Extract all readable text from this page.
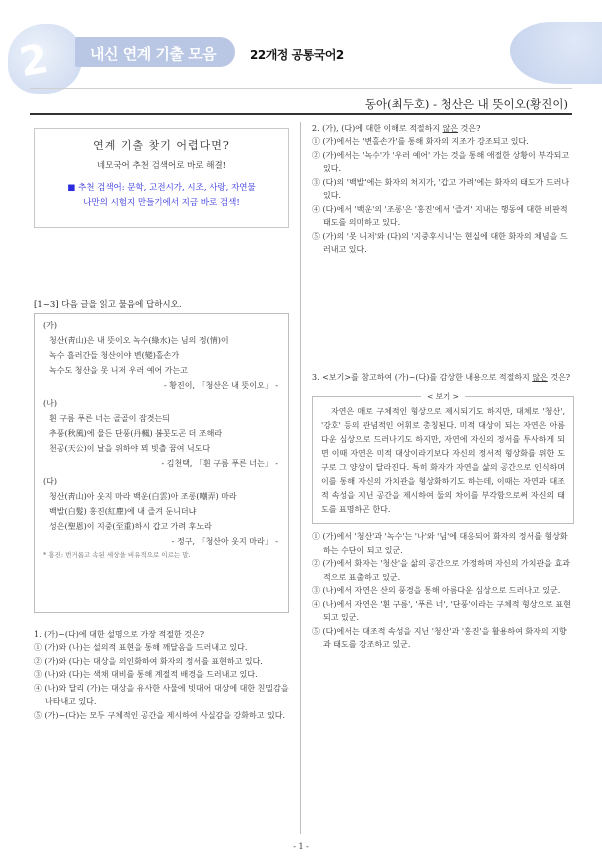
2	내신 연계 기출 모음	22개정 공통국어2
동아(최두호) - 청산은 내 뜻이오(황진이)
연계 기출 찾기 어렵다면?
네모국어 추천 검색어로 바로 해결!
■ 추천 검색어: 문학, 고전시가, 시조, 사랑, 자연물
나만의 시험지 만들기에서 지금 바로 검색!
[1~3] 다음 글을 읽고 물음에 답하시오.
(가)
청산(靑山)은 내 뜻이오 녹수(綠水)는 님의 정(情)이
녹수 흘러간들 청산이야 변(變)홀손가
녹수도 청산을 못 니저 우러 예어 가는고
- 황진이, 「청산은 내 뜻이오」 -
(나)
흰 구름 푸른 너는 골골이 잠겻는듸
추풍(秋風)에 물든 단풍(丹楓) 봄꼿도곤 더 조해라
천공(天公)이 날을 위하야 뫼 빗츨 꿈여 닉도다
- 김천택, 「흰 구름 푸른 너는」 -
(다)
청산(靑山)아 웃지 마라 백운(白雲)아 조롱(嘲弄) 마라
백발(白髮) 홍진(紅塵)에 내 즐겨 둔니더냐
성은(聖恩)이 지중(至重)하시 갑고 가려 후노라
- 정구, 「청산아 웃지 마라」 -
* 홍진: 번거롭고 속된 세상을 비유적으로 이르는 말.
1. (가)~(다)에 대한 설명으로 가장 적절한 것은?
① (가)와 (나)는 설의적 표현을 통해 깨달음을 드러내고 있다.
② (가)와 (다)는 대상을 의인화하여 화자의 정서를 표현하고 있다.
③ (나)와 (다)는 색채 대비를 통해 계절적 배경을 드러내고 있다.
④ (나)와 달리 (가)는 대상을 유사한 사물에 빗대어 대상에 대한 친밀감을 나타내고 있다.
⑤ (가)~(다)는 모두 구체적인 공간을 제시하여 사실감을 강화하고 있다.
2. (가), (다)에 대한 이해로 적절하지 않은 것은?
① (가)에서는 '변홀손가'를 통해 화자의 지조가 강조되고 있다.
② (가)에서는 '녹수'가 '우러 예어' 가는 것을 통해 애절한 상황이 부각되고 있다.
③ (다)의 '백발'에는 화자의 처지가, '갑고 가려'에는 화자의 태도가 드러나 있다.
④ (다)에서 '백운'의 '조롱'은 '홍진'에서 '즐겨' 지내는 행동에 대한 비판적 태도를 의미하고 있다.
⑤ (가)의 '못 니저'와 (다)의 '지중후시니'는 현실에 대한 화자의 체념을 드러내고 있다.
3. <보기>를 참고하여 (가)~(다)를 감상한 내용으로 적절하지 않은 것은?
< 보기 >
자연은 매로 구체적인 형상으로 제시되기도 하지만, 대체로 '청산', '강호' 등의 관념적인 어휘로 총칭된다. 미적 대상이 되는 자연은 아름다운 심상으로 드러나기도 하지만, 자연에 자신의 정서를 투사하게 되면 이때 자연은 미적 대상이라기보다 자신의 정서적 형상화를 위한 도구로 그 양상이 달라진다. 특히 화자가 자연을 삶의 공간으로 인식하며 이를 통해 자신의 가치관을 형상화하기도 하는데, 이때는 자연과 대조적 속성을 지닌 공간을 제시하여 둘의 차이를 부각함으로써 자신의 태도를 표명하곤 한다.
① (가)에서 '청산'과 '녹수'는 '나'와 '님'에 대응되어 화자의 정서를 형상화하는 수단이 되고 있군.
② (가)에서 화자는 '청산'을 삶의 공간으로 가정하며 자신의 가치관을 효과적으로 표출하고 있군.
③ (나)에서 자연은 산의 풍경을 통해 아름다운 심상으로 드러나고 있군.
④ (나)에서 자연은 '흰 구름', '푸른 너', '단풍'이라는 구체적 형상으로 표현되고 있군.
⑤ (다)에서는 대조적 속성을 지닌 '청산'과 '홍진'을 활용하여 화자의 지향과 태도를 강조하고 있군.
- 1 -
